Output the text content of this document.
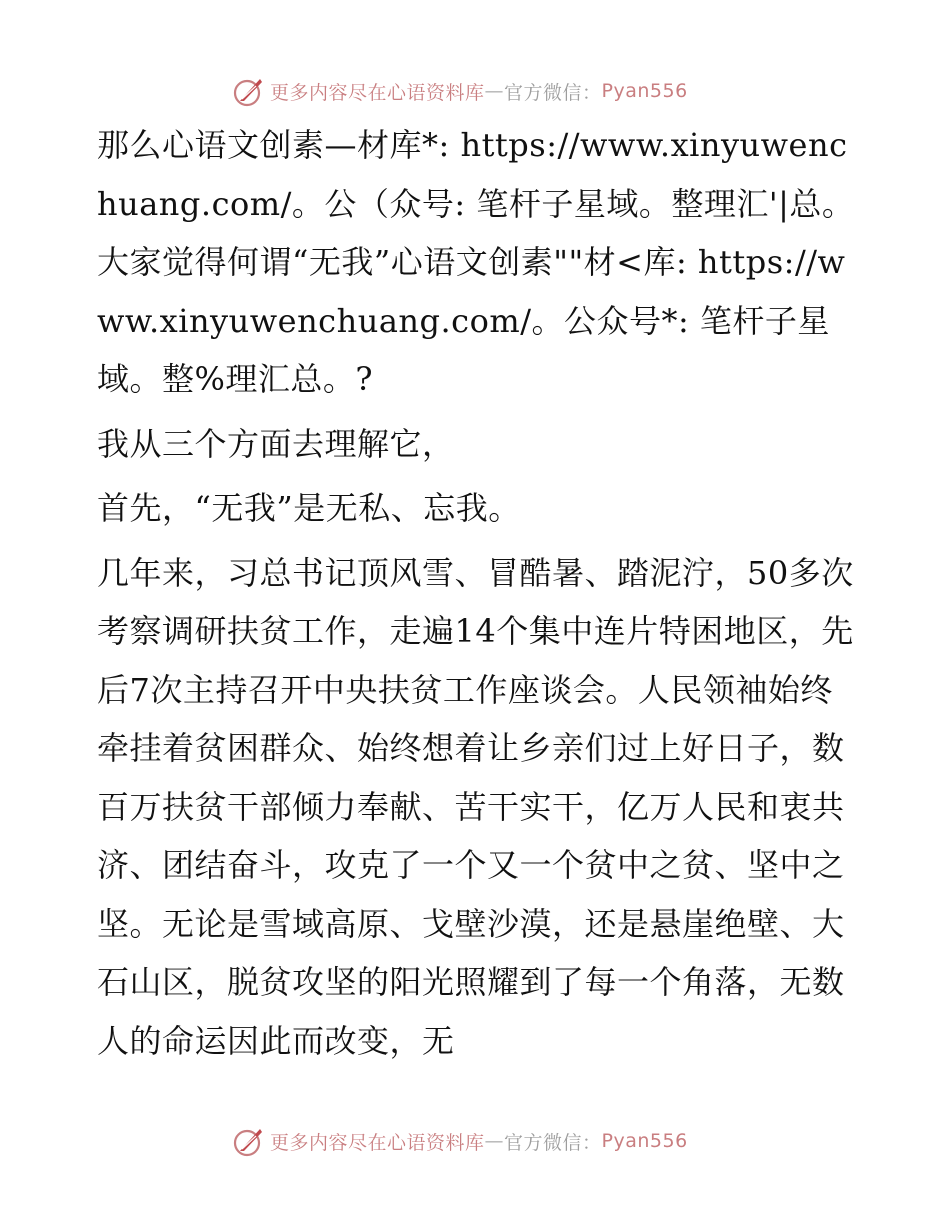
更多内容尽在心语资料库 — 官方微信： Pyan556

那么心语文创素—材库*: https://www.xinyuwenchuang.com/。公（众号: 笔杆子星域。整理汇'|总。大家觉得何谓“无我”心语文创素""材<库: https://www.xinyuwenchuang.com/。公众号*: 笔杆子星域。整%理汇总。?

我从三个方面去理解它，

首先，“无我”是无私、忘我。

几年来，习总书记顶风雪、冒酷暑、踏泥泞，50多次考察调研扶贫工作，走遍14个集中连片特困地区，先后7次主持召开中央扶贫工作座谈会。人民领袖始终牵挂着贫困群众、始终想着让乡亲们过上好日子，数百万扶贫干部倾力奉献、苦干实干，亿万人民和衷共济、团结奋斗，攻克了一个又一个贫中之贫、坚中之坚。无论是雪域高原、戈壁沙漠，还是悬崖绝壁、大石山区，脱贫攻坚的阳光照耀到了每一个角落，无数人的命运因此而改变，无

更多内容尽在心语资料库 — 官方微信： Pyan556
